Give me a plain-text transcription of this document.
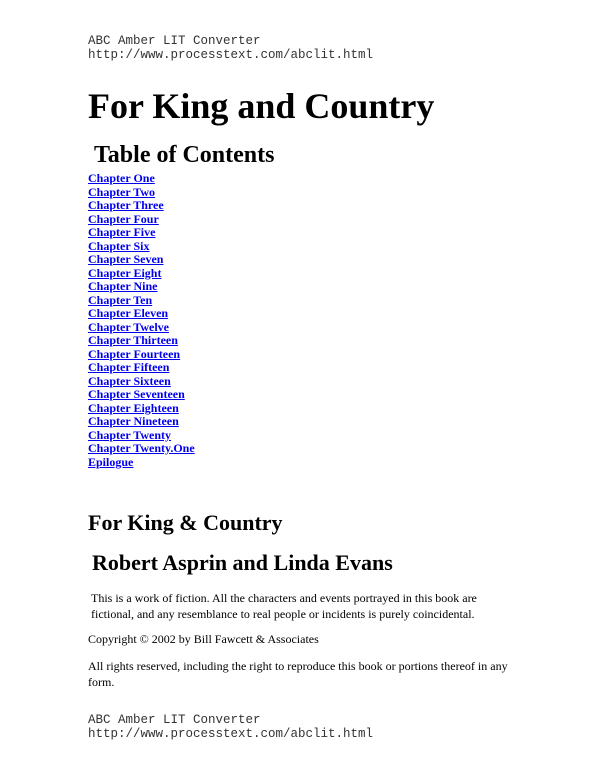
ABC Amber LIT Converter
http://www.processtext.com/abclit.html
For King and Country
Table of Contents
Chapter One
Chapter Two
Chapter Three
Chapter Four
Chapter Five
Chapter Six
Chapter Seven
Chapter Eight
Chapter Nine
Chapter Ten
Chapter Eleven
Chapter Twelve
Chapter Thirteen
Chapter Fourteen
Chapter Fifteen
Chapter Sixteen
Chapter Seventeen
Chapter Eighteen
Chapter Nineteen
Chapter Twenty
Chapter Twenty.One
Epilogue
For King & Country
Robert Asprin and Linda Evans

This is a work of fiction. All the characters and events portrayed in this book are fictional, and any resemblance to real people or incidents is purely coincidental.

Copyright © 2002 by Bill Fawcett & Associates

All rights reserved, including the right to reproduce this book or portions thereof in any form.

ABC Amber LIT Converter
http://www.processtext.com/abclit.html
